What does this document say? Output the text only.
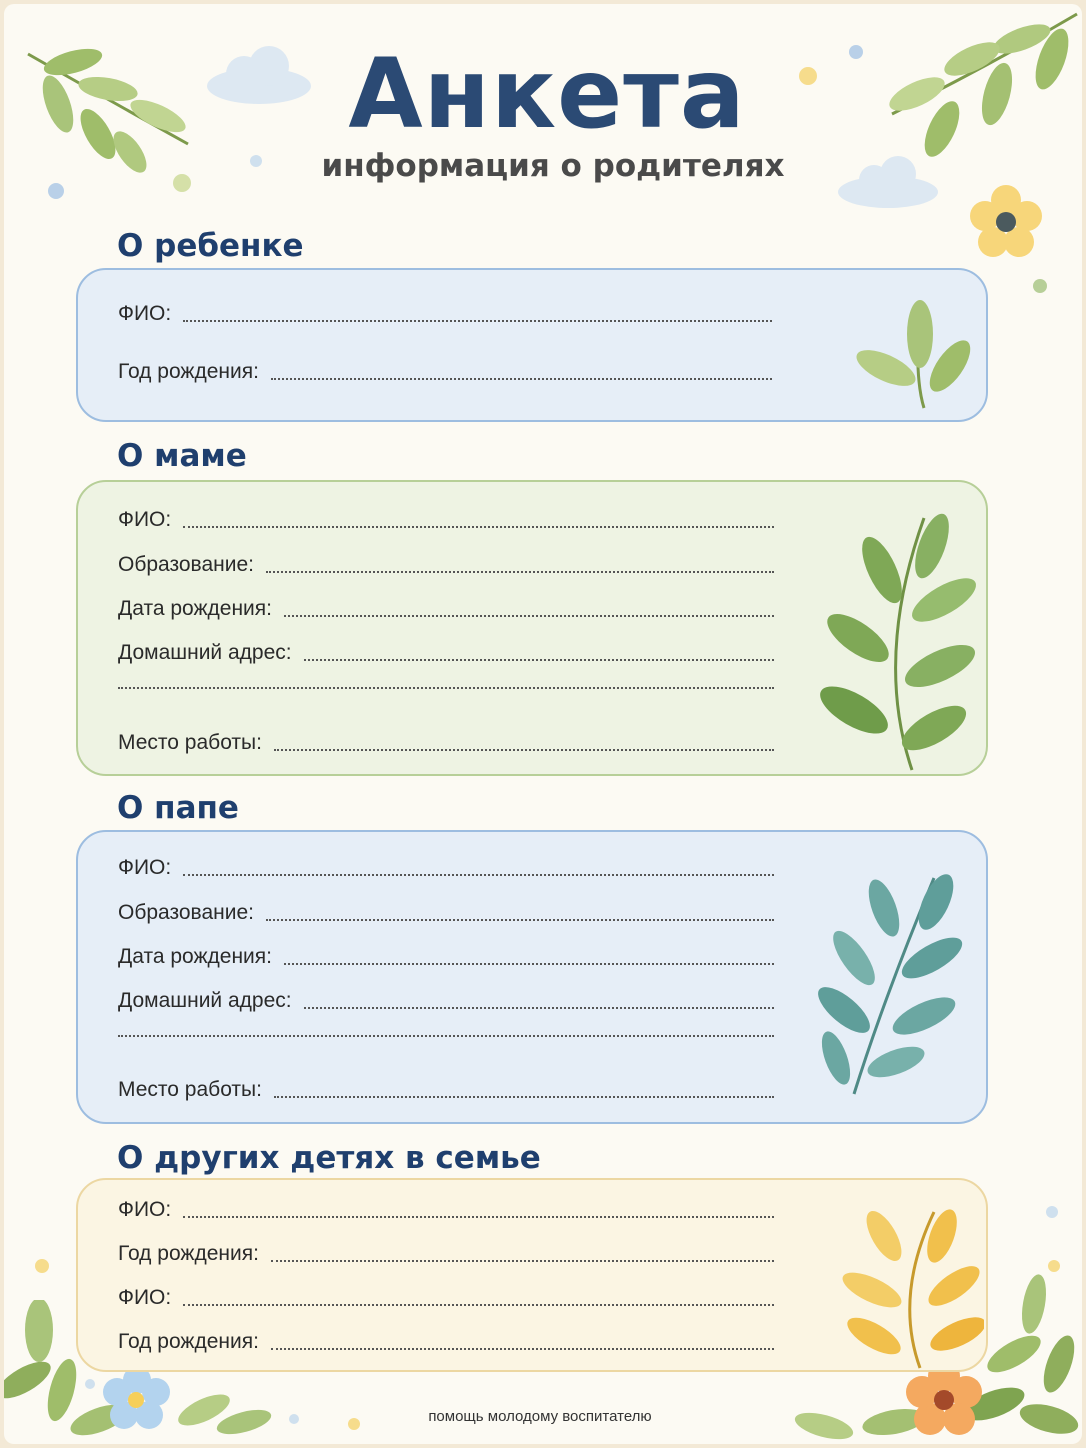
Анкета
информация о родителях
О ребенке
ФИО:
Год рождения:
О маме
ФИО:
Образование:
Дата рождения:
Домашний адрес:
Место работы:
О папе
ФИО:
Образование:
Дата рождения:
Домашний адрес:
Место работы:
О других детях в семье
ФИО:
Год рождения:
ФИО:
Год рождения:
помощь молодому воспитателю
